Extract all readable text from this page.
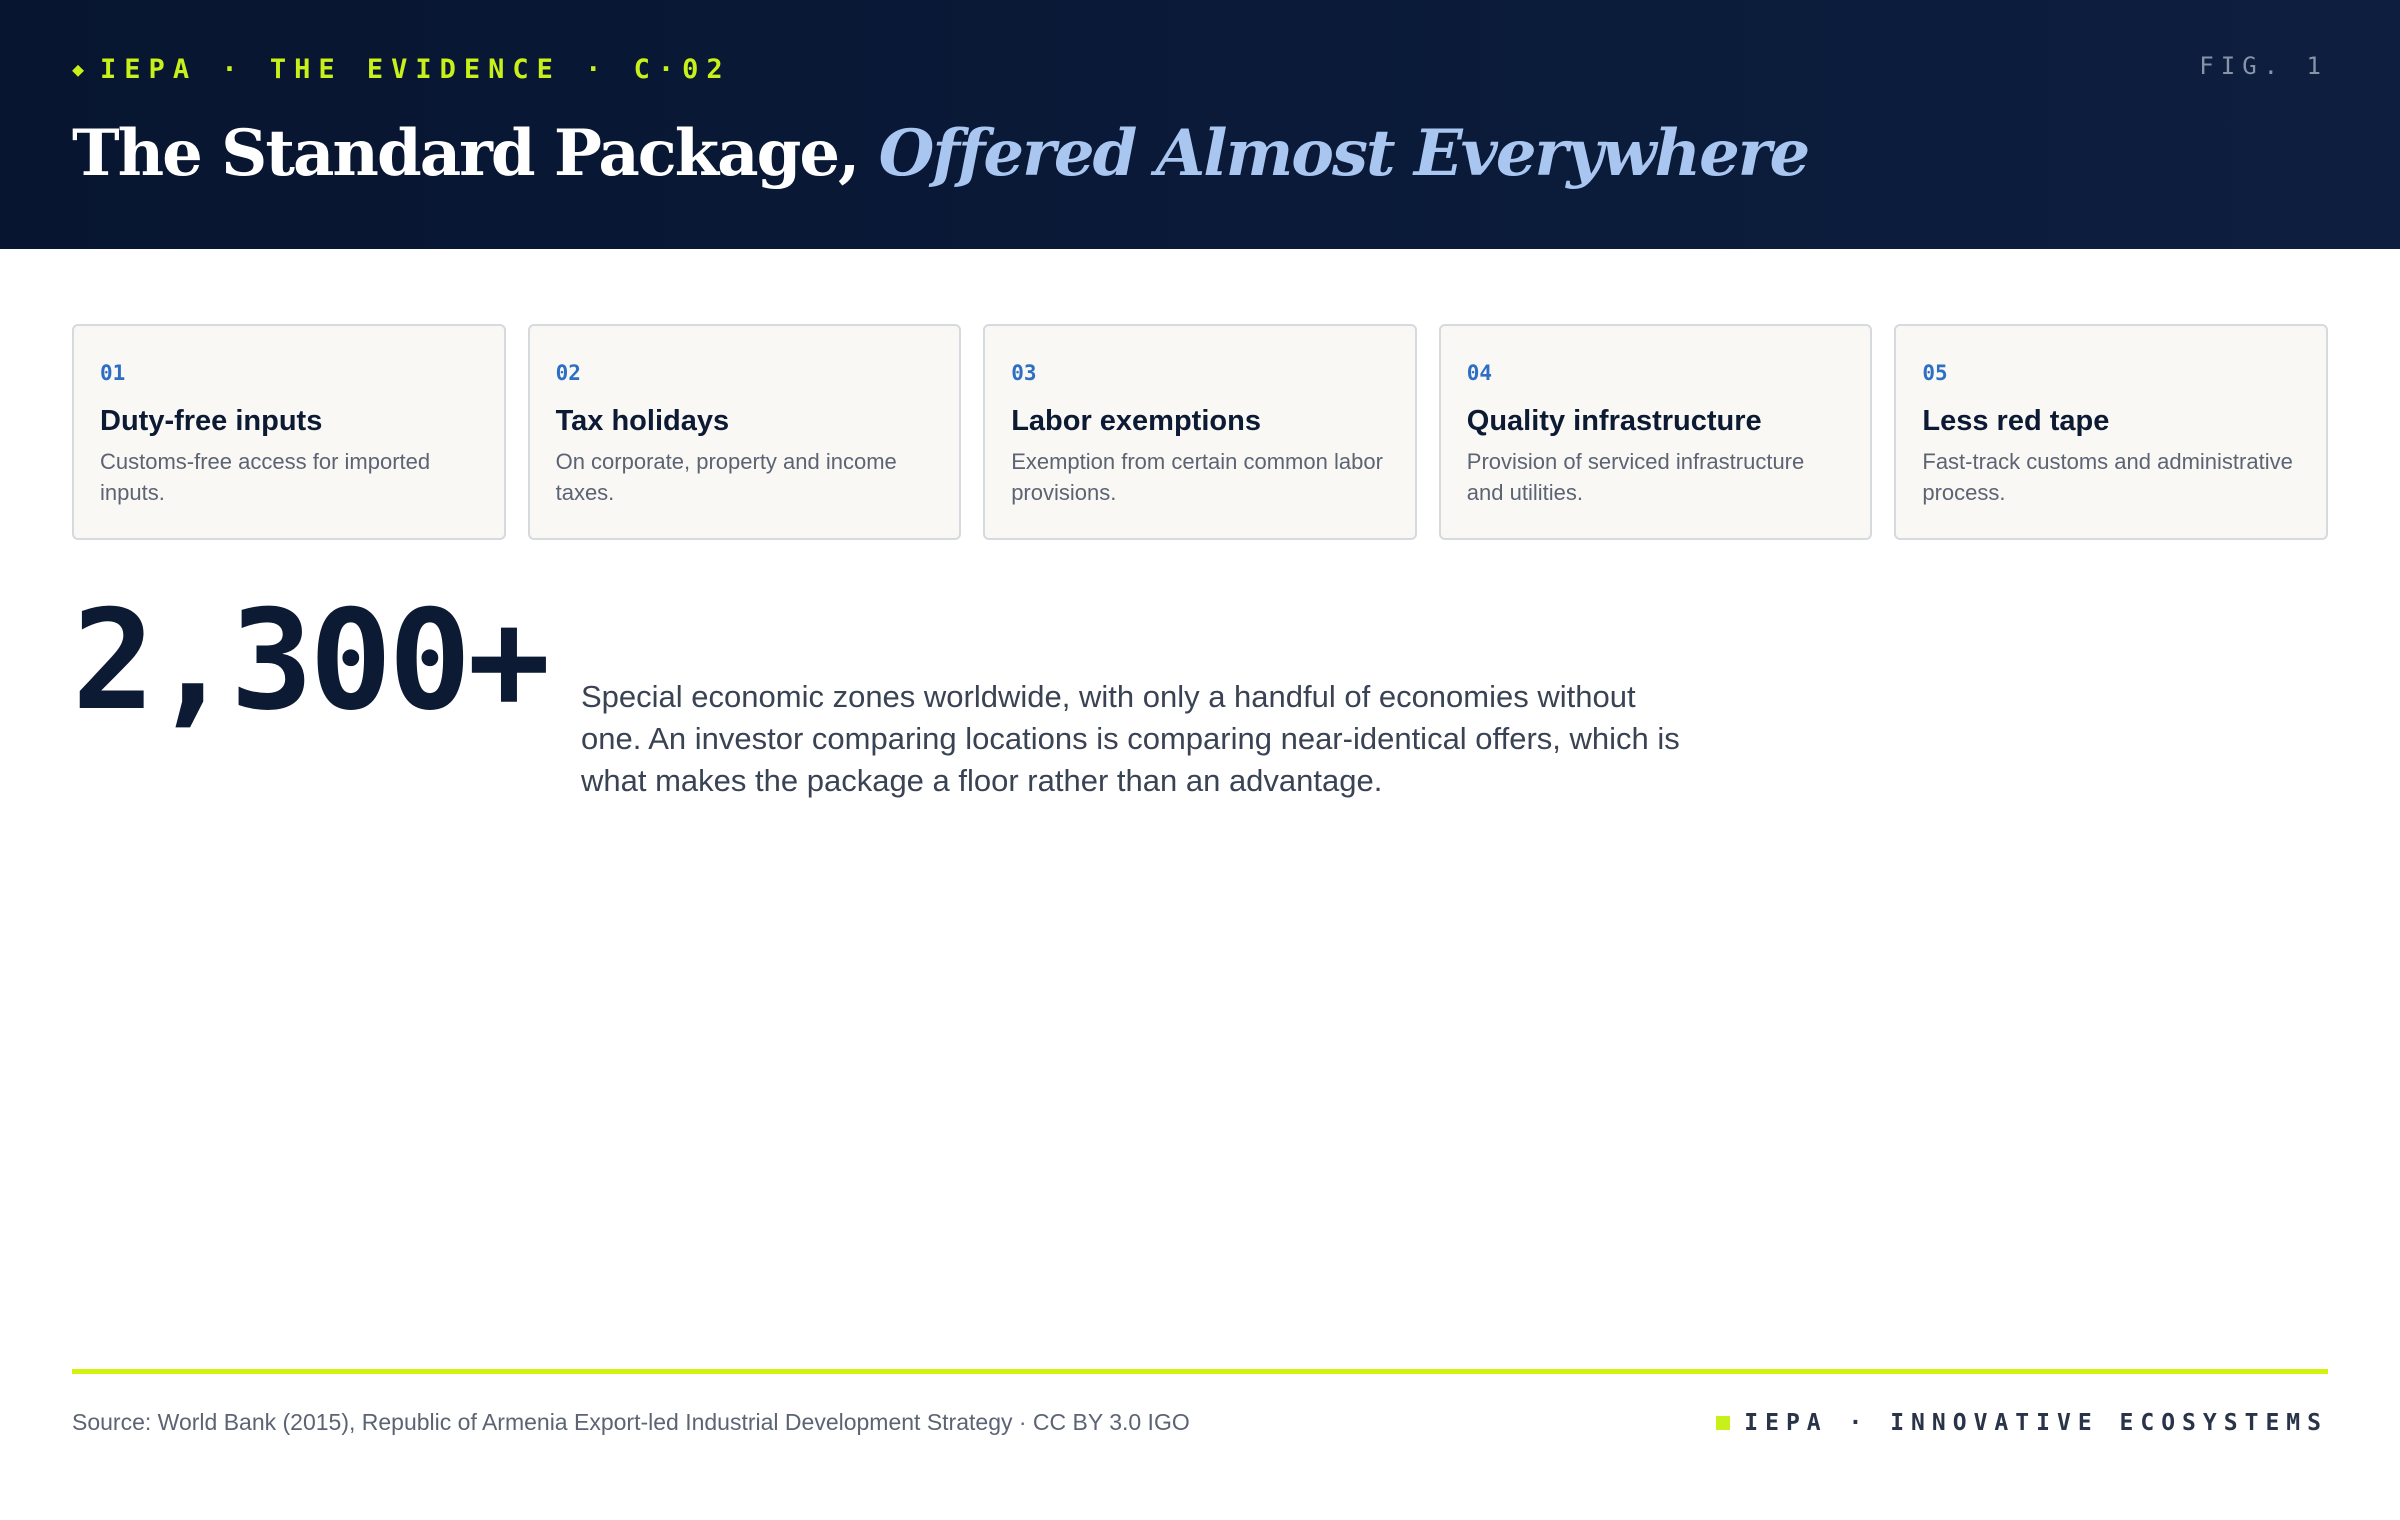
◆ IEPA · THE EVIDENCE · C·02	FIG. 1
The Standard Package, Offered Almost Everywhere
01
Duty-free inputs
Customs-free access for imported inputs.
02
Tax holidays
On corporate, property and income taxes.
03
Labor exemptions
Exemption from certain common labor provisions.
04
Quality infrastructure
Provision of serviced infrastructure and utilities.
05
Less red tape
Fast-track customs and administrative process.
2,300+ Special economic zones worldwide, with only a handful of economies without one. An investor comparing locations is comparing near-identical offers, which is what makes the package a floor rather than an advantage.

Source: World Bank (2015), Republic of Armenia Export-led Industrial Development Strategy · CC BY 3.0 IGO	IEPA · INNOVATIVE ECOSYSTEMS
